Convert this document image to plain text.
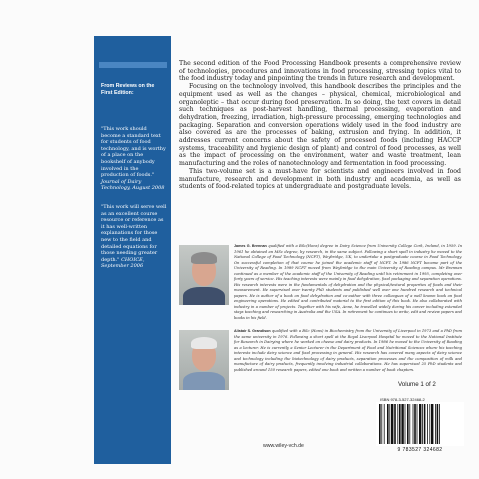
From Reviews on the First Edition:
"This work should become a standard text for students of food technology, and is worthy of a place on the bookshelf of anybody involved in the production of foods." Journal of Dairy Technology, August 2008
"This work will serve well as an excellent course resource or reference as it has well-written explanations for those new to the field and detailed equations for those needing greater depth." CHOICE, September 2006

The second edition of the Food Processing Handbook presents a comprehensive review of technologies, procedures and innovations in food processing, stressing topics vital to the food industry today and pinpointing the trends in future research and development.

Focusing on the technology involved, this handbook describes the principles and the equipment used as well as the changes – physical, chemical, microbiological and organoleptic – that occur during food preservation. In so doing, the text covers in detail such techniques as post-harvest handling, thermal processing, evaporation and dehydration, freezing, irradiation, high-pressure processing, emerging technologies and packaging. Separation and conversion operations widely used in the food industry are also covered as are the processes of baking, extrusion and frying. In addition, it addresses current concerns about the safety of processed foods (including HACCP systems, traceability and hygienic design of plant) and control of food processes, as well as the impact of processing on the environment, water and waste treatment, lean manufacturing and the roles of nanotechnology and fermentation in food processing.

This two-volume set is a must-have for scientists and engineers involved in food manufacture, research and development in both industry and academia, as well as students of food-related topics at undergraduate and postgraduate levels.

James G. Brennan qualified with a BSc(Hons) degree in Dairy Science from University College Cork, Ireland, in 1959. In 1961 he obtained an MSc degree, by research, in the same subject. Following a short spell in industry he moved to the National College of Food Technology (NCFT), Weybridge, UK, to undertake a postgraduate course in Food Technology. On successful completion of that course he joined the academic staff of NCFT. In 1986 NCFT became part of the University of Reading. In 1989 NCFT moved from Weybridge to the main University of Reading campus. Mr Brennan continued as a member of the academic staff of the University of Reading until his retirement in 1995, completing over forty years of service. His teaching interests were mainly in food dehydration, food packaging and separation operations. His research interests were in the fundamentals of dehydration and the physical/textural properties of foods and their measurement. He supervised over twenty PhD students and published well over one hundred research and technical papers. He is author of a book on food dehydration and co-author with three colleagues of a well known book on food engineering operations. He edited and contributed material to the first edition of this book. He also collaborated with industry in a number of projects. Together with his wife, Anne, he travelled widely during his career including extended stays teaching and researching in Australia and the USA. In retirement he continues to write, edit and review papers and books in his field.
Alistair S. Grandison qualified with a BSc (Hons) in Biochemistry from the University of Liverpool in 1973 and a PhD from the same university in 1976. Following a short spell at the Royal Liverpool Hospital he moved to the National Institute for Research in Dairying where he worked on cheese and dairy products. In 1986 he moved to the University of Reading as a lecturer. He is currently a Senior Lecturer in the Department of Food and Nutritional Sciences where his teaching interests include dairy science and food processing in general. His research has covered many aspects of dairy science and technology including the biotechnology of dairy products, separation processes and the composition of milk and manufacture of dairy products, frequently involving industrial collaborations. He has supervised 25 PhD students and published around 150 research papers, edited one book and written a number of book chapters.
Volume 1 of 2
ISBN 978-3-527-32468-2
9 783527 324682
www.wiley-vch.de
